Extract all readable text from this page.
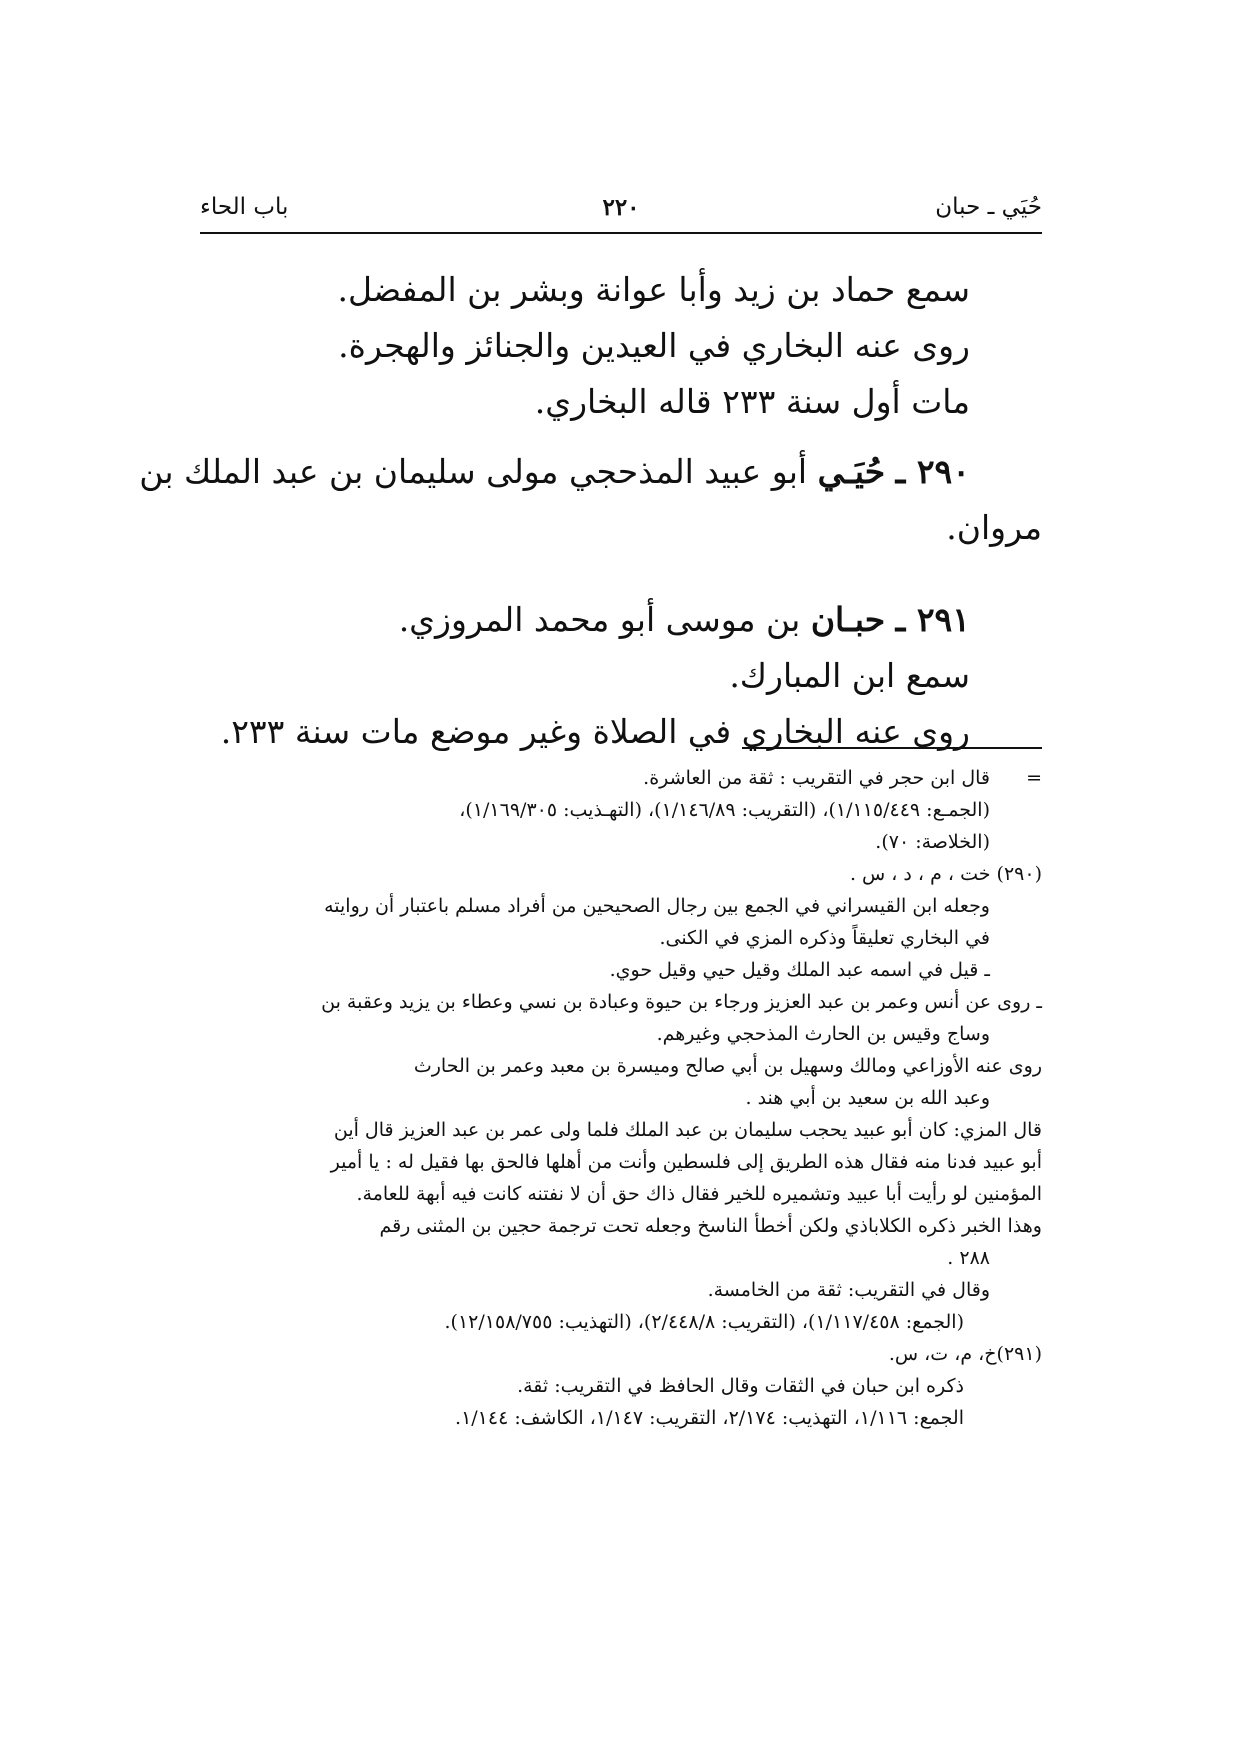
حُيَي ـ حبان
٢٢٠
باب الحاء
سمع حماد بن زيد وأبا عوانة وبشر بن المفضل.
روى عنه البخاري في العيدين والجنائز والهجرة.
مات أول سنة ٢٣٣ قاله البخاري.
٢٩٠ ـ حُيَـي أبو عبيد المذحجي مولى سليمان بن عبد الملك بن
مروان.
٢٩١ ـ حبـان بن موسى أبو محمد المروزي.
سمع ابن المبارك.
روى عنه البخاري في الصلاة وغير موضع مات سنة ٢٣٣.
=قال ابن حجر في التقريب : ثقة من العاشرة.
(الجمـع: ١/١١٥/٤٤٩)، (التقريب: ١/١٤٦/٨٩)، (التهـذيب: ١/١٦٩/٣٠٥)،
(الخلاصة: ٧٠).
(٢٩٠) خت ، م ، د ، س .
وجعله ابن القيسراني في الجمع بين رجال الصحيحين من أفراد مسلم باعتبار أن روايته
في البخاري تعليقاً وذكره المزي في الكنى.
ـ قيل في اسمه عبد الملك وقيل حيي وقيل حوي.
ـ روى عن أنس وعمر بن عبد العزيز ورجاء بن حيوة وعبادة بن نسي وعطاء بن يزيد وعقبة بن
وساج وقيس بن الحارث المذحجي وغيرهم.
روى عنه الأوزاعي ومالك وسهيل بن أبي صالح وميسرة بن معبد وعمر بن الحارث
وعبد الله بن سعيد بن أبي هند .
قال المزي: كان أبو عبيد يحجب سليمان بن عبد الملك فلما ولى عمر بن عبد العزيز قال أين
أبو عبيد فدنا منه فقال هذه الطريق إلى فلسطين وأنت من أهلها فالحق بها فقيل له : يا أمير
المؤمنين لو رأيت أبا عبيد وتشميره للخير فقال ذاك حق أن لا نفتنه كانت فيه أبهة للعامة.
وهذا الخبر ذكره الكلاباذي ولكن أخطأ الناسخ وجعله تحت ترجمة حجين بن المثنى رقم
٢٨٨ .
وقال في التقريب: ثقة من الخامسة.
(الجمع: ١/١١٧/٤٥٨)، (التقريب: ٢/٤٤٨/٨)، (التهذيب: ١٢/١٥٨/٧٥٥).
(٢٩١)خ، م، ت، س.
ذكره ابن حبان في الثقات وقال الحافظ في التقريب: ثقة.
الجمع: ١/١١٦، التهذيب: ٢/١٧٤، التقريب: ١/١٤٧، الكاشف: ١/١٤٤.
